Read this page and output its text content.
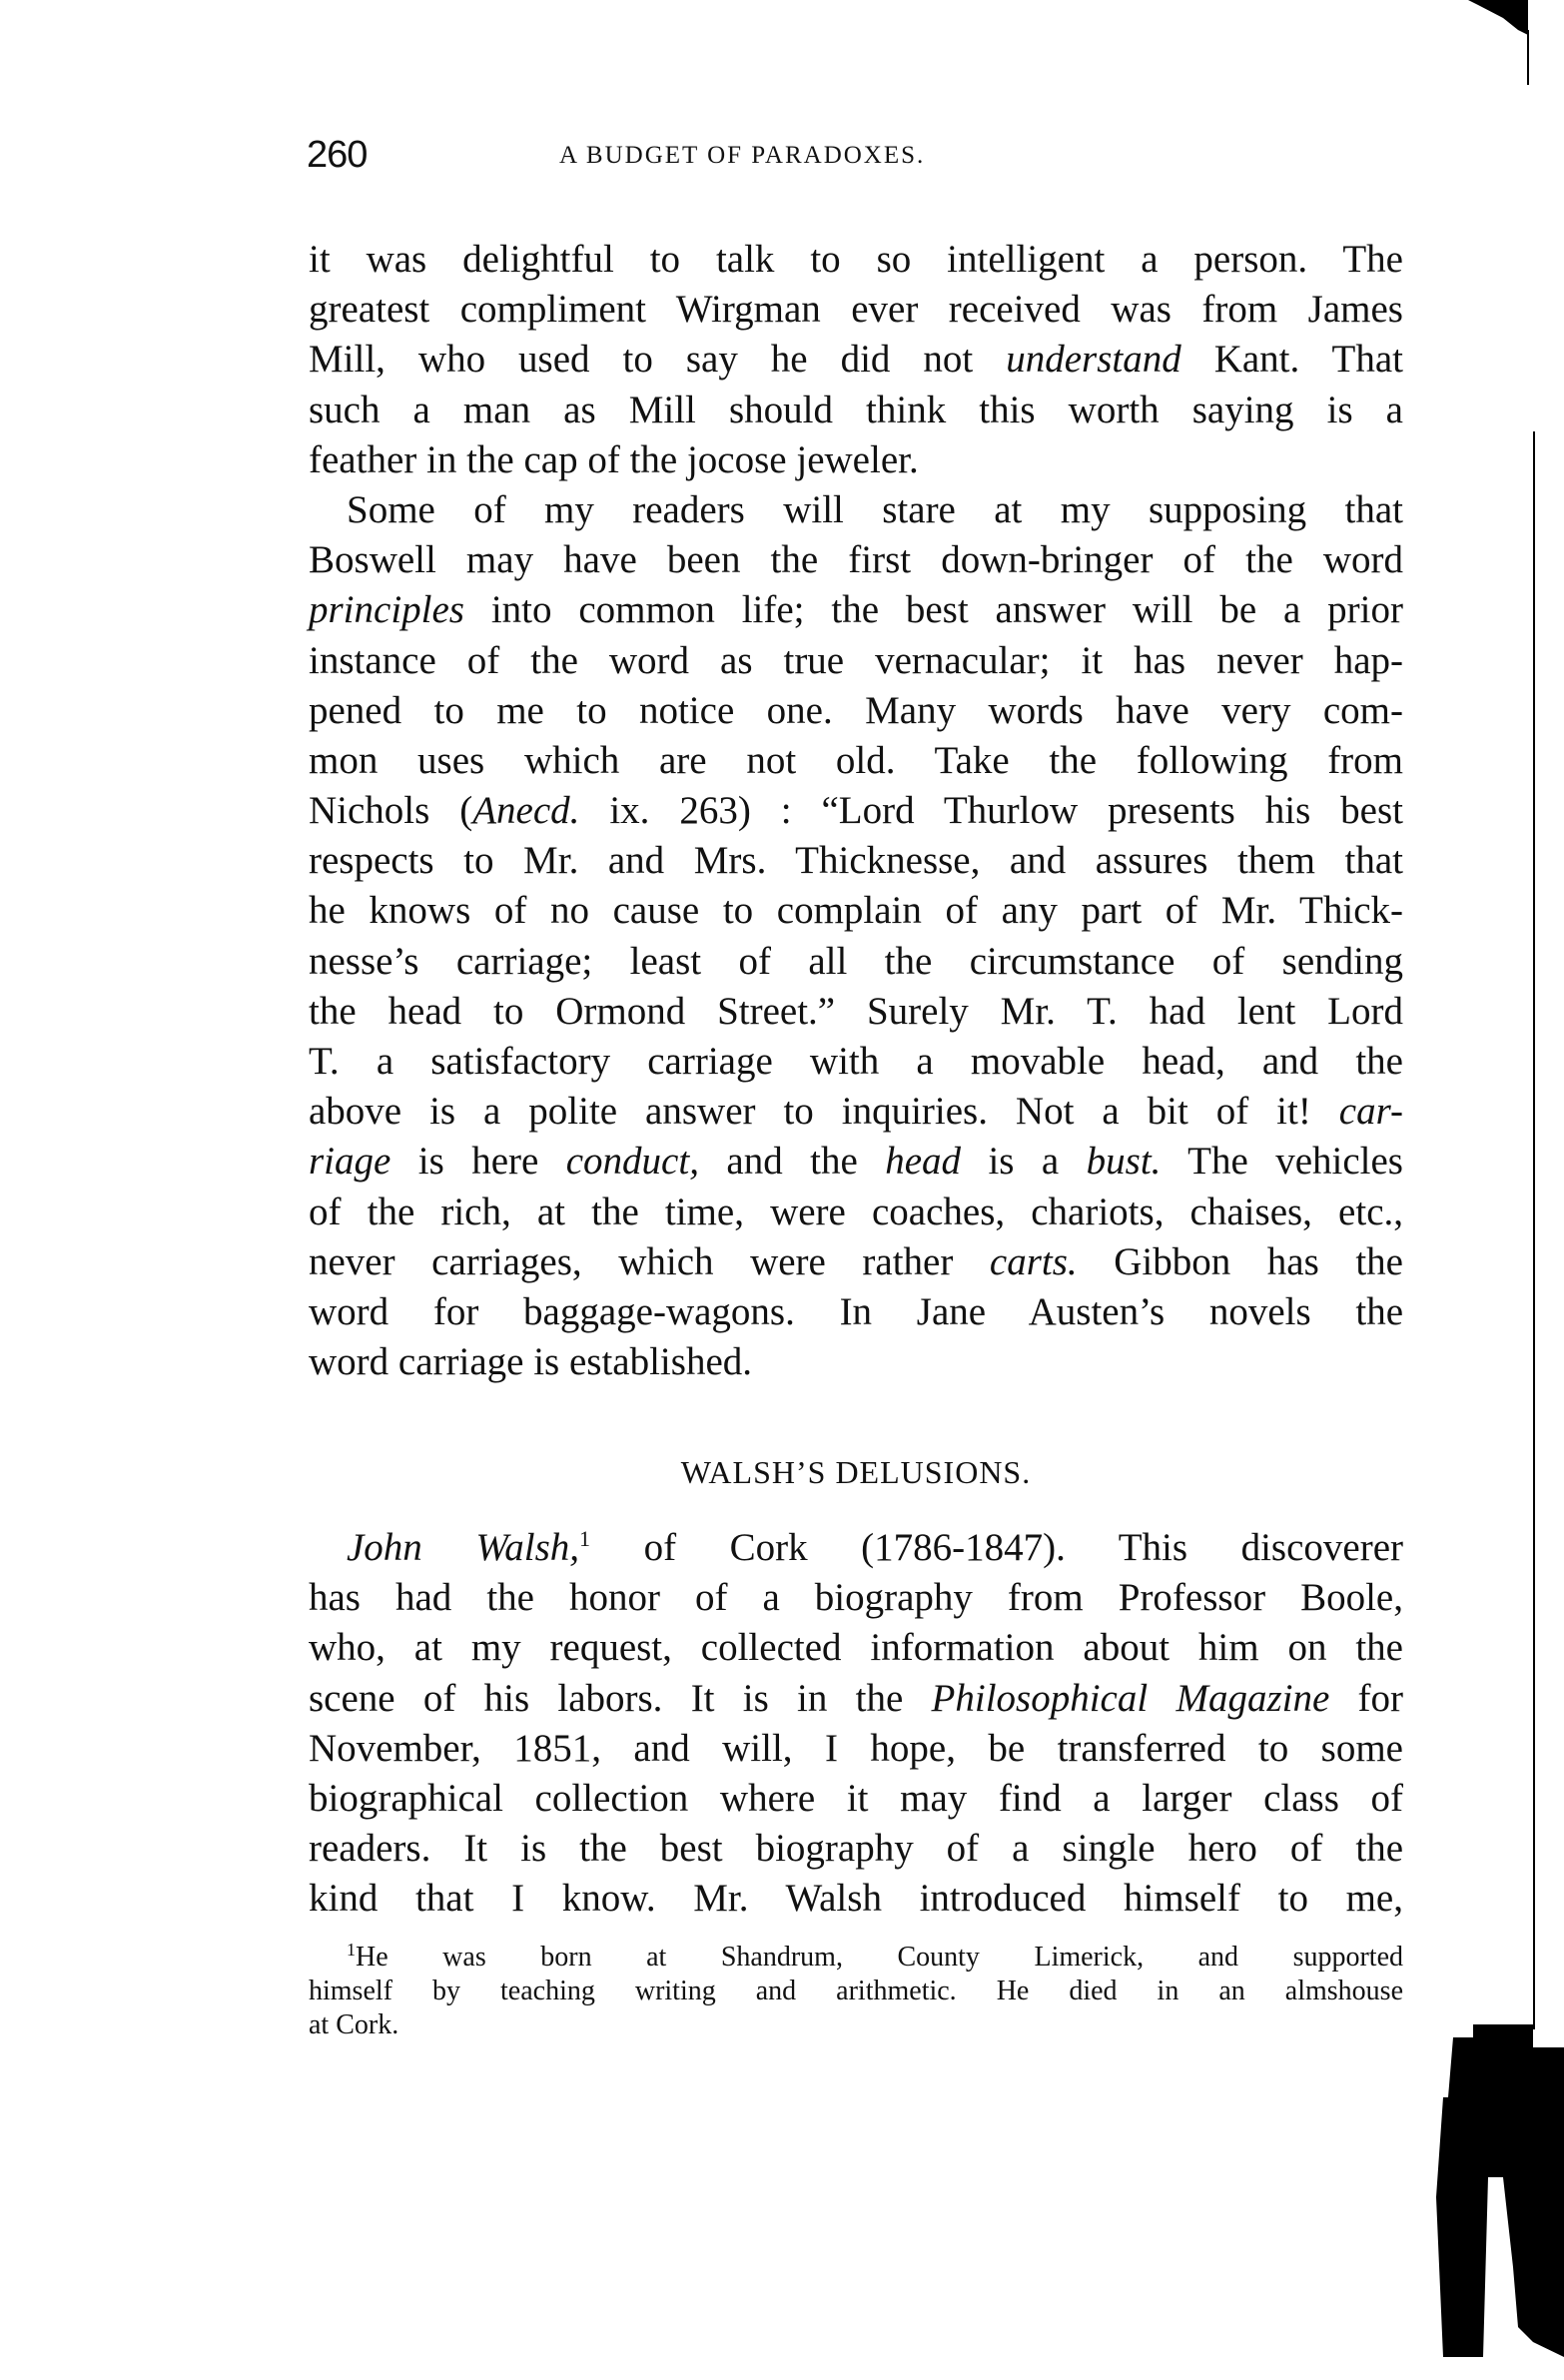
260	A BUDGET OF PARADOXES.
it was delightful to talk to so intelligent a person. The
greatest compliment Wirgman ever received was from James
Mill, who used to say he did not understand Kant. That
such a man as Mill should think this worth saying is a
feather in the cap of the jocose jeweler.
Some of my readers will stare at my supposing that
Boswell may have been the first down-bringer of the word
principles into common life; the best answer will be a prior
instance of the word as true vernacular; it has never hap-
pened to me to notice one. Many words have very com-
mon uses which are not old. Take the following from
Nichols (Anecd. ix. 263) : “Lord Thurlow presents his best
respects to Mr. and Mrs. Thicknesse, and assures them that
he knows of no cause to complain of any part of Mr. Thick-
nesse’s carriage; least of all the circumstance of sending
the head to Ormond Street.” Surely Mr. T. had lent Lord
T. a satisfactory carriage with a movable head, and the
above is a polite answer to inquiries. Not a bit of it! car-
riage is here conduct, and the head is a bust. The vehicles
of the rich, at the time, were coaches, chariots, chaises, etc.,
never carriages, which were rather carts. Gibbon has the
word for baggage-wagons. In Jane Austen’s novels the
word carriage is established.
WALSH’S DELUSIONS.
John Walsh,$^1$ of Cork (1786-1847). This discoverer
has had the honor of a biography from Professor Boole,
who, at my request, collected information about him on the
scene of his labors. It is in the Philosophical Magazine for
November, 1851, and will, I hope, be transferred to some
biographical collection where it may find a larger class of
readers. It is the best biography of a single hero of the
kind that I know. Mr. Walsh introduced himself to me,
$^1$He was born at Shandrum, County Limerick, and supported
himself by teaching writing and arithmetic. He died in an almshouse
at Cork.
